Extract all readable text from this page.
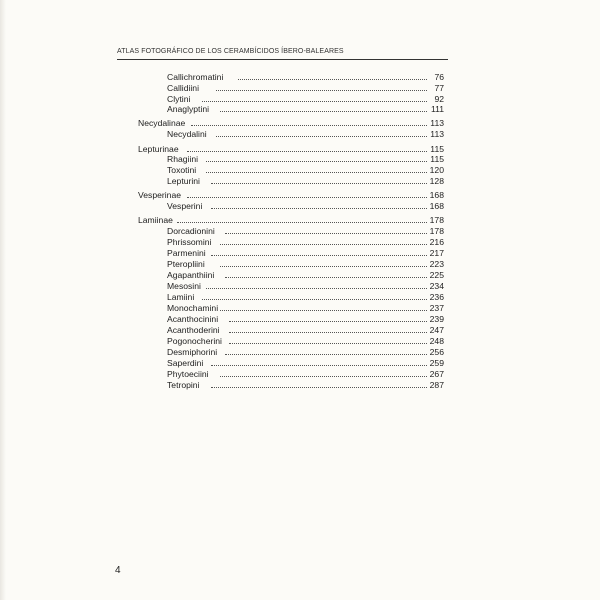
ATLAS FOTOGRÁFICO DE LOS CERAMBÍCIDOS ÍBERO-BALEARES
Callichromatini	76
Callidiini	77
Clytini	92
Anaglyptini	111
Necydalinae	113
Necydalini	113
Lepturinae	115
Rhagiini	115
Toxotini	120
Lepturini	128
Vesperinae	168
Vesperini	168
Lamiinae	178
Dorcadionini	178
Phrissomini	216
Parmenini	217
Pteropliini	223
Agapanthiini	225
Mesosini	234
Lamiini	236
Monochamini	237
Acanthocinini	239
Acanthoderini	247
Pogonocherini	248
Desmiphorini	256
Saperdini	259
Phytoeciini	267
Tetropini	287
4
